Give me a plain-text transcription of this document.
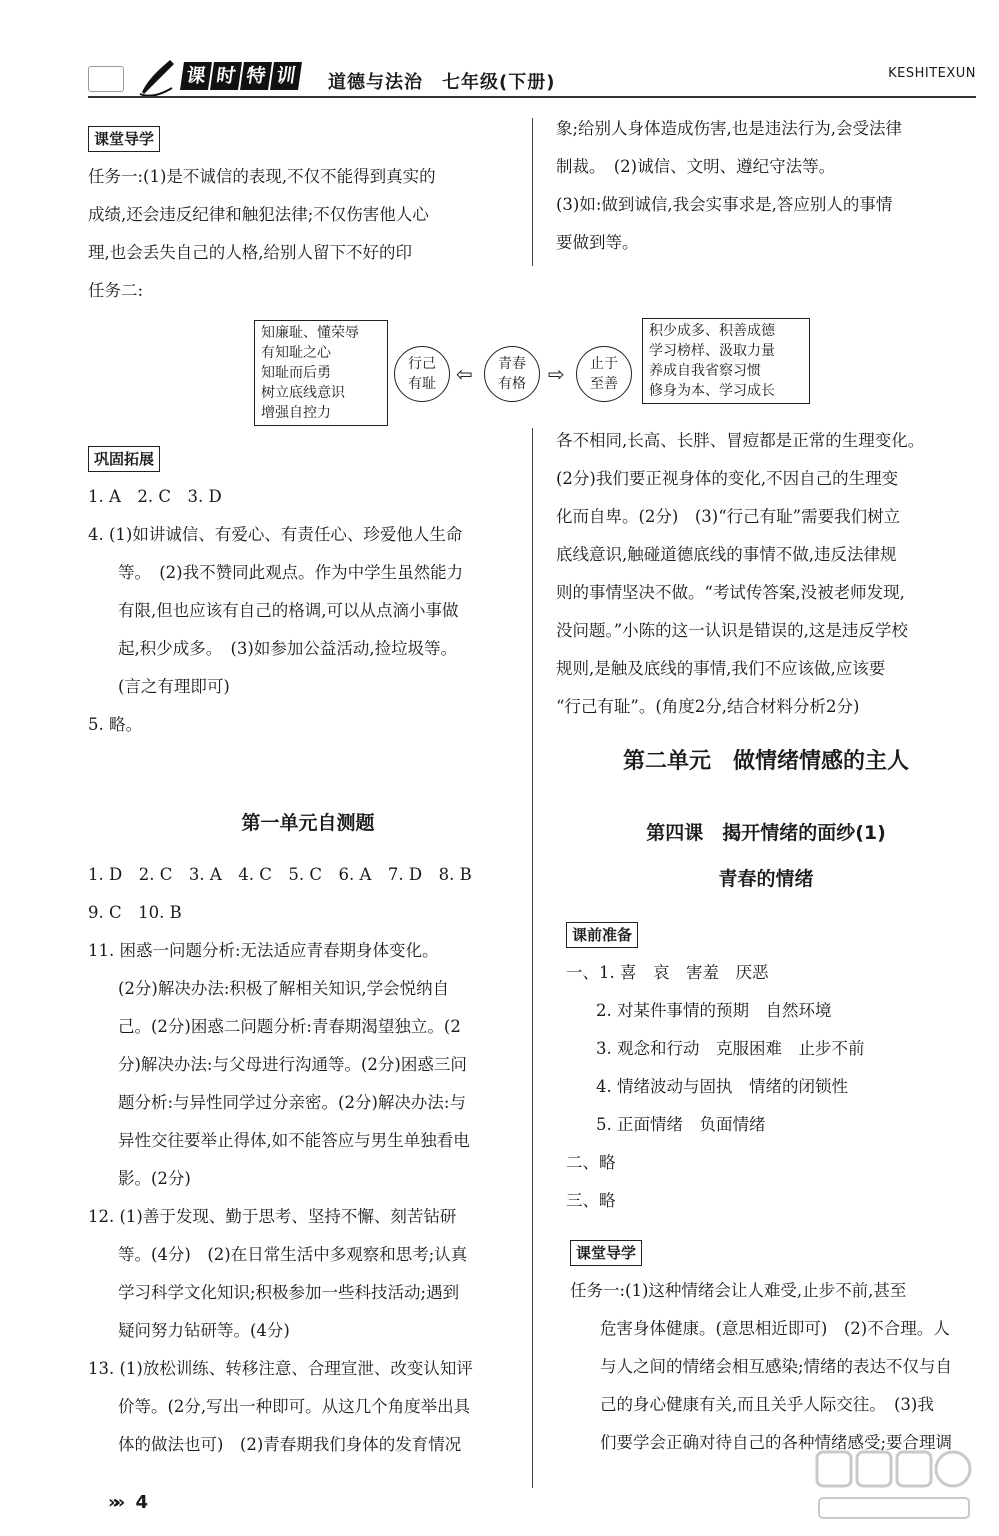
课 时 特 训 道德与法治　七年级(下册)	KESHITEXUN
课堂导学

任务一:(1)是不诚信的表现,不仅不能得到真实的

成绩,还会违反纪律和触犯法律;不仅伤害他人心

理,也会丢失自己的人格,给别人留下不好的印

任务二:

知廉耻、懂荣辱
有知耻之心
知耻而后勇
树立底线意识
增强自控力
行己有耻 ⇦ 青春有格 ⇨ 止于至善
积少成多、积善成德
学习榜样、汲取力量
养成自我省察习惯
修身为本、学习成长
巩固拓展

1. A　2. C　3. D

4. (1)如讲诚信、有爱心、有责任心、珍爱他人生命

等。　(2)我不赞同此观点。作为中学生虽然能力

有限,但也应该有自己的格调,可以从点滴小事做

起,积少成多。　(3)如参加公益活动,捡垃圾等。

(言之有理即可)

5. 略。

第一单元自测题

1. D　2. C　3. A　4. C　5. C　6. A　7. D　8. B

9. C　10. B

11. 困惑一问题分析:无法适应青春期身体变化。

(2分)解决办法:积极了解相关知识,学会悦纳自

己。(2分)困惑二问题分析:青春期渴望独立。(2

分)解决办法:与父母进行沟通等。(2分)困惑三问

题分析:与异性同学过分亲密。(2分)解决办法:与

异性交往要举止得体,如不能答应与男生单独看电

影。(2分)

12. (1)善于发现、勤于思考、坚持不懈、刻苦钻研

等。(4分)　(2)在日常生活中多观察和思考;认真

学习科学文化知识;积极参加一些科技活动;遇到

疑问努力钻研等。(4分)

13. (1)放松训练、转移注意、合理宣泄、改变认知评

价等。(2分,写出一种即可。从这几个角度举出具

体的做法也可)　(2)青春期我们身体的发育情况

象;给别人身体造成伤害,也是违法行为,会受法律

制裁。　(2)诚信、文明、遵纪守法等。

(3)如:做到诚信,我会实事求是,答应别人的事情

要做到等。

各不相同,长高、长胖、冒痘都是正常的生理变化。

(2分)我们要正视身体的变化,不因自己的生理变

化而自卑。(2分)　(3)“行己有耻”需要我们树立

底线意识,触碰道德底线的事情不做,违反法律规

则的事情坚决不做。“考试传答案,没被老师发现,

没问题。”小陈的这一认识是错误的,这是违反学校

规则,是触及底线的事情,我们不应该做,应该要

“行己有耻”。(角度2分,结合材料分析2分)

第二单元　做情绪情感的主人
第四课　揭开情绪的面纱(1)
青春的情绪
课前准备

一、1. 喜　哀　害羞　厌恶

2. 对某件事情的预期　自然环境

3. 观念和行动　克服困难　止步不前

4. 情绪波动与固执　情绪的闭锁性

5. 正面情绪　负面情绪

二、略

三、略

课堂导学

任务一:(1)这种情绪会让人难受,止步不前,甚至

危害身体健康。(意思相近即可)　(2)不合理。人

与人之间的情绪会相互感染;情绪的表达不仅与自

己的身心健康有关,而且关乎人际交往。　(3)我

们要学会正确对待自己的各种情绪感受;要合理调

»» 4
